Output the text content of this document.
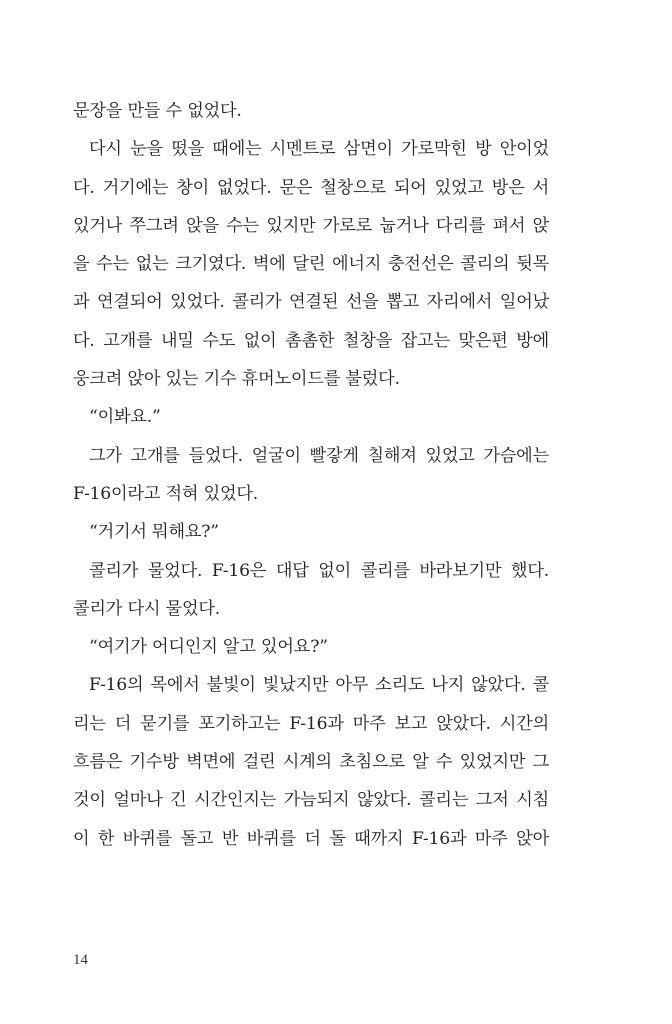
문장을 만들 수 없었다.
다시 눈을 떴을 때에는 시멘트로 삼면이 가로막힌 방 안이었
다. 거기에는 창이 없었다. 문은 철창으로 되어 있었고 방은 서
있거나 쭈그려 앉을 수는 있지만 가로로 눕거나 다리를 펴서 앉
을 수는 없는 크기였다. 벽에 달린 에너지 충전선은 콜리의 뒷목
과 연결되어 있었다. 콜리가 연결된 선을 뽑고 자리에서 일어났
다. 고개를 내밀 수도 없이 촘촘한 철창을 잡고는 맞은편 방에
웅크려 앉아 있는 기수 휴머노이드를 불렀다.
“이봐요.”
그가 고개를 들었다. 얼굴이 빨갛게 칠해져 있었고 가슴에는
F-16이라고 적혀 있었다.
“거기서 뭐해요?”
콜리가 물었다. F-16은 대답 없이 콜리를 바라보기만 했다.
콜리가 다시 물었다.
“여기가 어디인지 알고 있어요?”
F-16의 목에서 불빛이 빛났지만 아무 소리도 나지 않았다. 콜
리는 더 묻기를 포기하고는 F-16과 마주 보고 앉았다. 시간의
흐름은 기수방 벽면에 걸린 시계의 초침으로 알 수 있었지만 그
것이 얼마나 긴 시간인지는 가늠되지 않았다. 콜리는 그저 시침
이 한 바퀴를 돌고 반 바퀴를 더 돌 때까지 F-16과 마주 앉아
14
